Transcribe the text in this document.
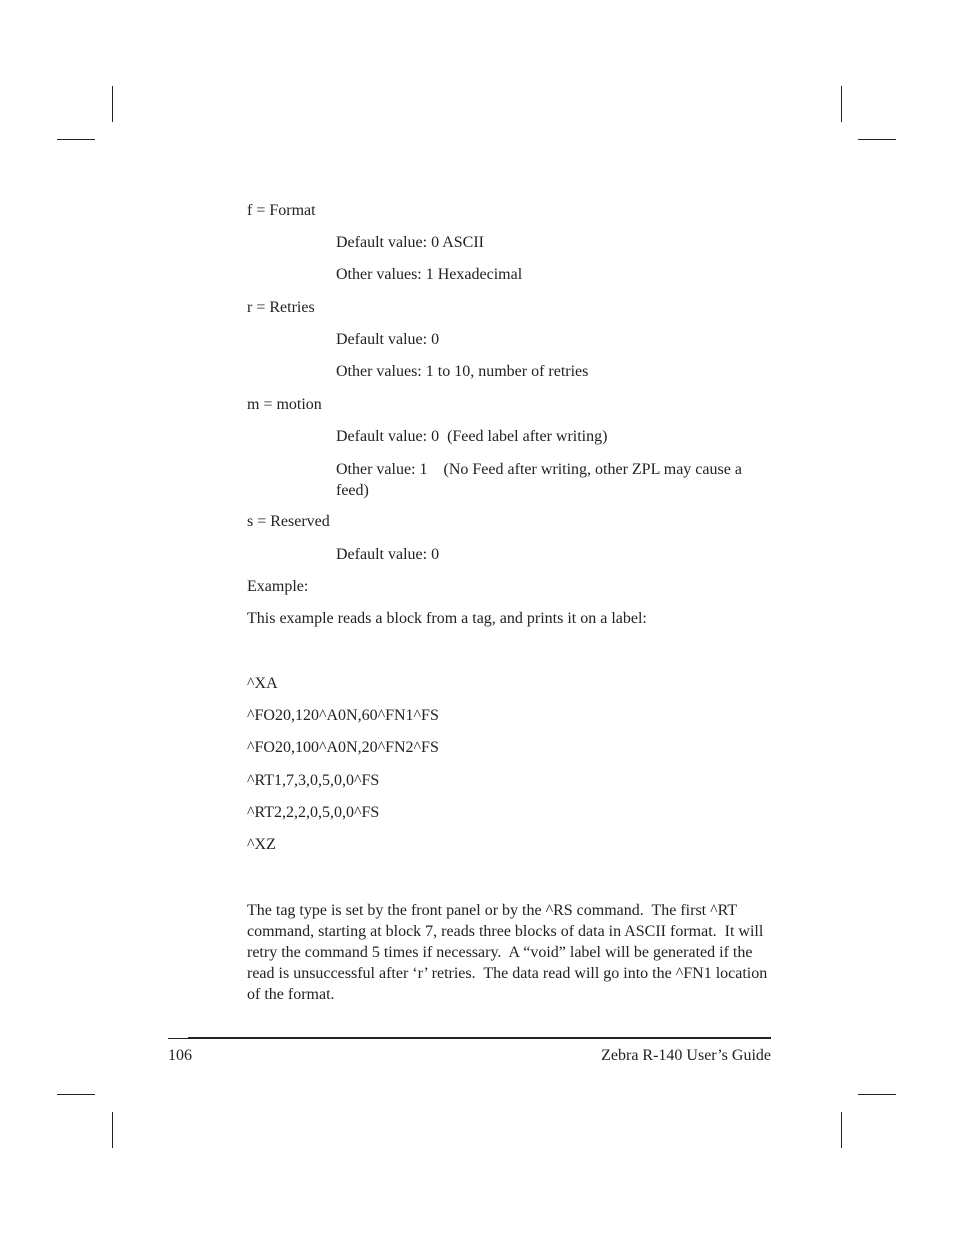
f = Format
Default value: 0 ASCII
Other values: 1 Hexadecimal
r = Retries
Default value: 0
Other values: 1 to 10, number of retries
m = motion
Default value: 0  (Feed label after writing)
Other value: 1    (No Feed after writing, other ZPL may cause a feed)
s = Reserved
Default value: 0
Example:
This example reads a block from a tag, and prints it on a label:
^XA
^FO20,120^A0N,60^FN1^FS
^FO20,100^A0N,20^FN2^FS
^RT1,7,3,0,5,0,0^FS
^RT2,2,2,0,5,0,0^FS
^XZ
The tag type is set by the front panel or by the ^RS command.  The first ^RT command, starting at block 7, reads three blocks of data in ASCII format.  It will retry the command 5 times if necessary.  A “void” label will be generated if the read is unsuccessful after ‘r’ retries.  The data read will go into the ^FN1 location of the format.
106	Zebra R-140 User’s Guide
